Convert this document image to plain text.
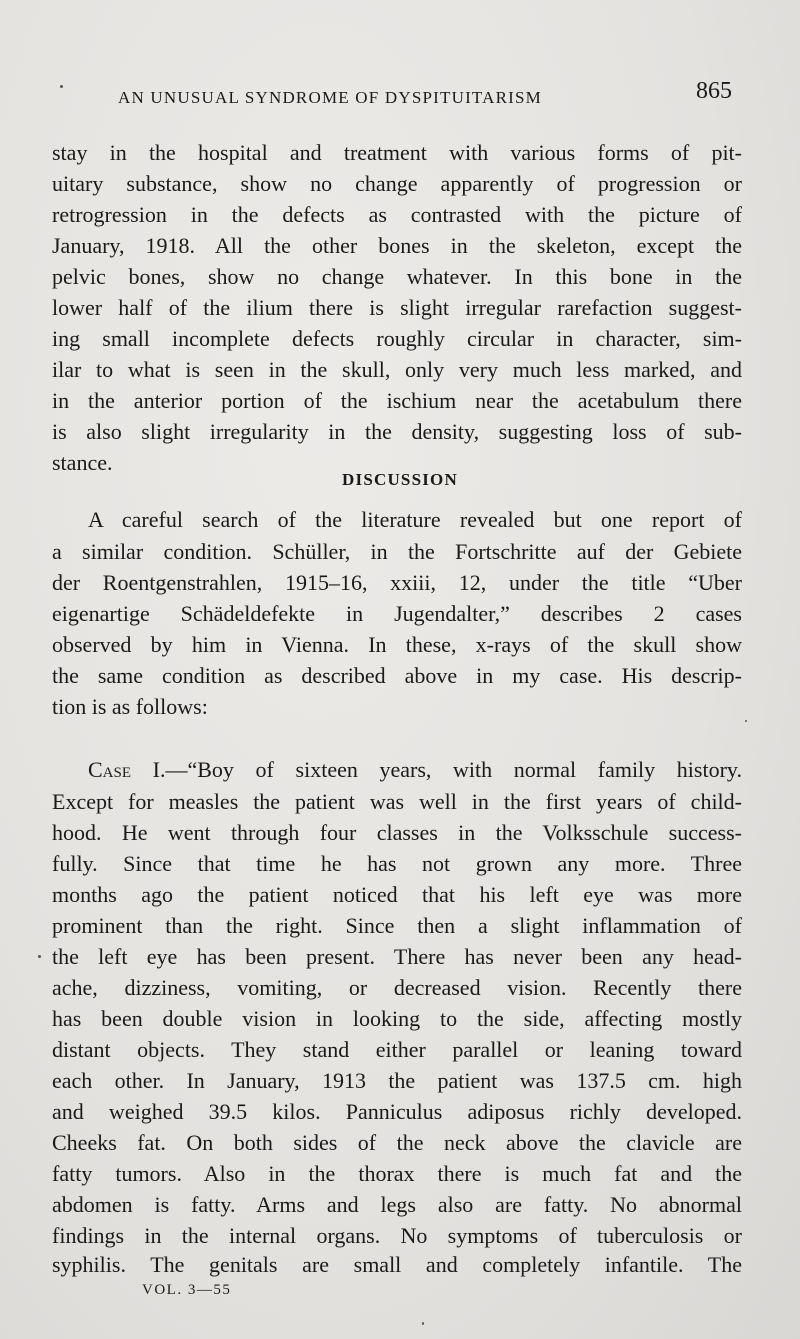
AN UNUSUAL SYNDROME OF DYSPITUITARISM	865
stay in the hospital and treatment with various forms of pit-
uitary substance, show no change apparently of progression or
retrogression in the defects as contrasted with the picture of
January, 1918. All the other bones in the skeleton, except the
pelvic bones, show no change whatever. In this bone in the
lower half of the ilium there is slight irregular rarefaction suggest-
ing small incomplete defects roughly circular in character, sim-
ilar to what is seen in the skull, only very much less marked, and
in the anterior portion of the ischium near the acetabulum there
is also slight irregularity in the density, suggesting loss of sub-
stance.
DISCUSSION
A careful search of the literature revealed but one report of
a similar condition. Schüller, in the Fortschritte auf der Gebiete
der Roentgenstrahlen, 1915–16, xxiii, 12, under the title “Uber
eigenartige Schädeldefekte in Jugendalter,” describes 2 cases
observed by him in Vienna. In these, x-rays of the skull show
the same condition as described above in my case. His descrip-
tion is as follows:
Case I.—“Boy of sixteen years, with normal family history.
Except for measles the patient was well in the first years of child-
hood. He went through four classes in the Volksschule success-
fully. Since that time he has not grown any more. Three
months ago the patient noticed that his left eye was more
prominent than the right. Since then a slight inflammation of
the left eye has been present. There has never been any head-
ache, dizziness, vomiting, or decreased vision. Recently there
has been double vision in looking to the side, affecting mostly
distant objects. They stand either parallel or leaning toward
each other. In January, 1913 the patient was 137.5 cm. high
and weighed 39.5 kilos. Panniculus adiposus richly developed.
Cheeks fat. On both sides of the neck above the clavicle are
fatty tumors. Also in the thorax there is much fat and the
abdomen is fatty. Arms and legs also are fatty. No abnormal
findings in the internal organs. No symptoms of tuberculosis or
syphilis. The genitals are small and completely infantile. The
VOL. 3—55
